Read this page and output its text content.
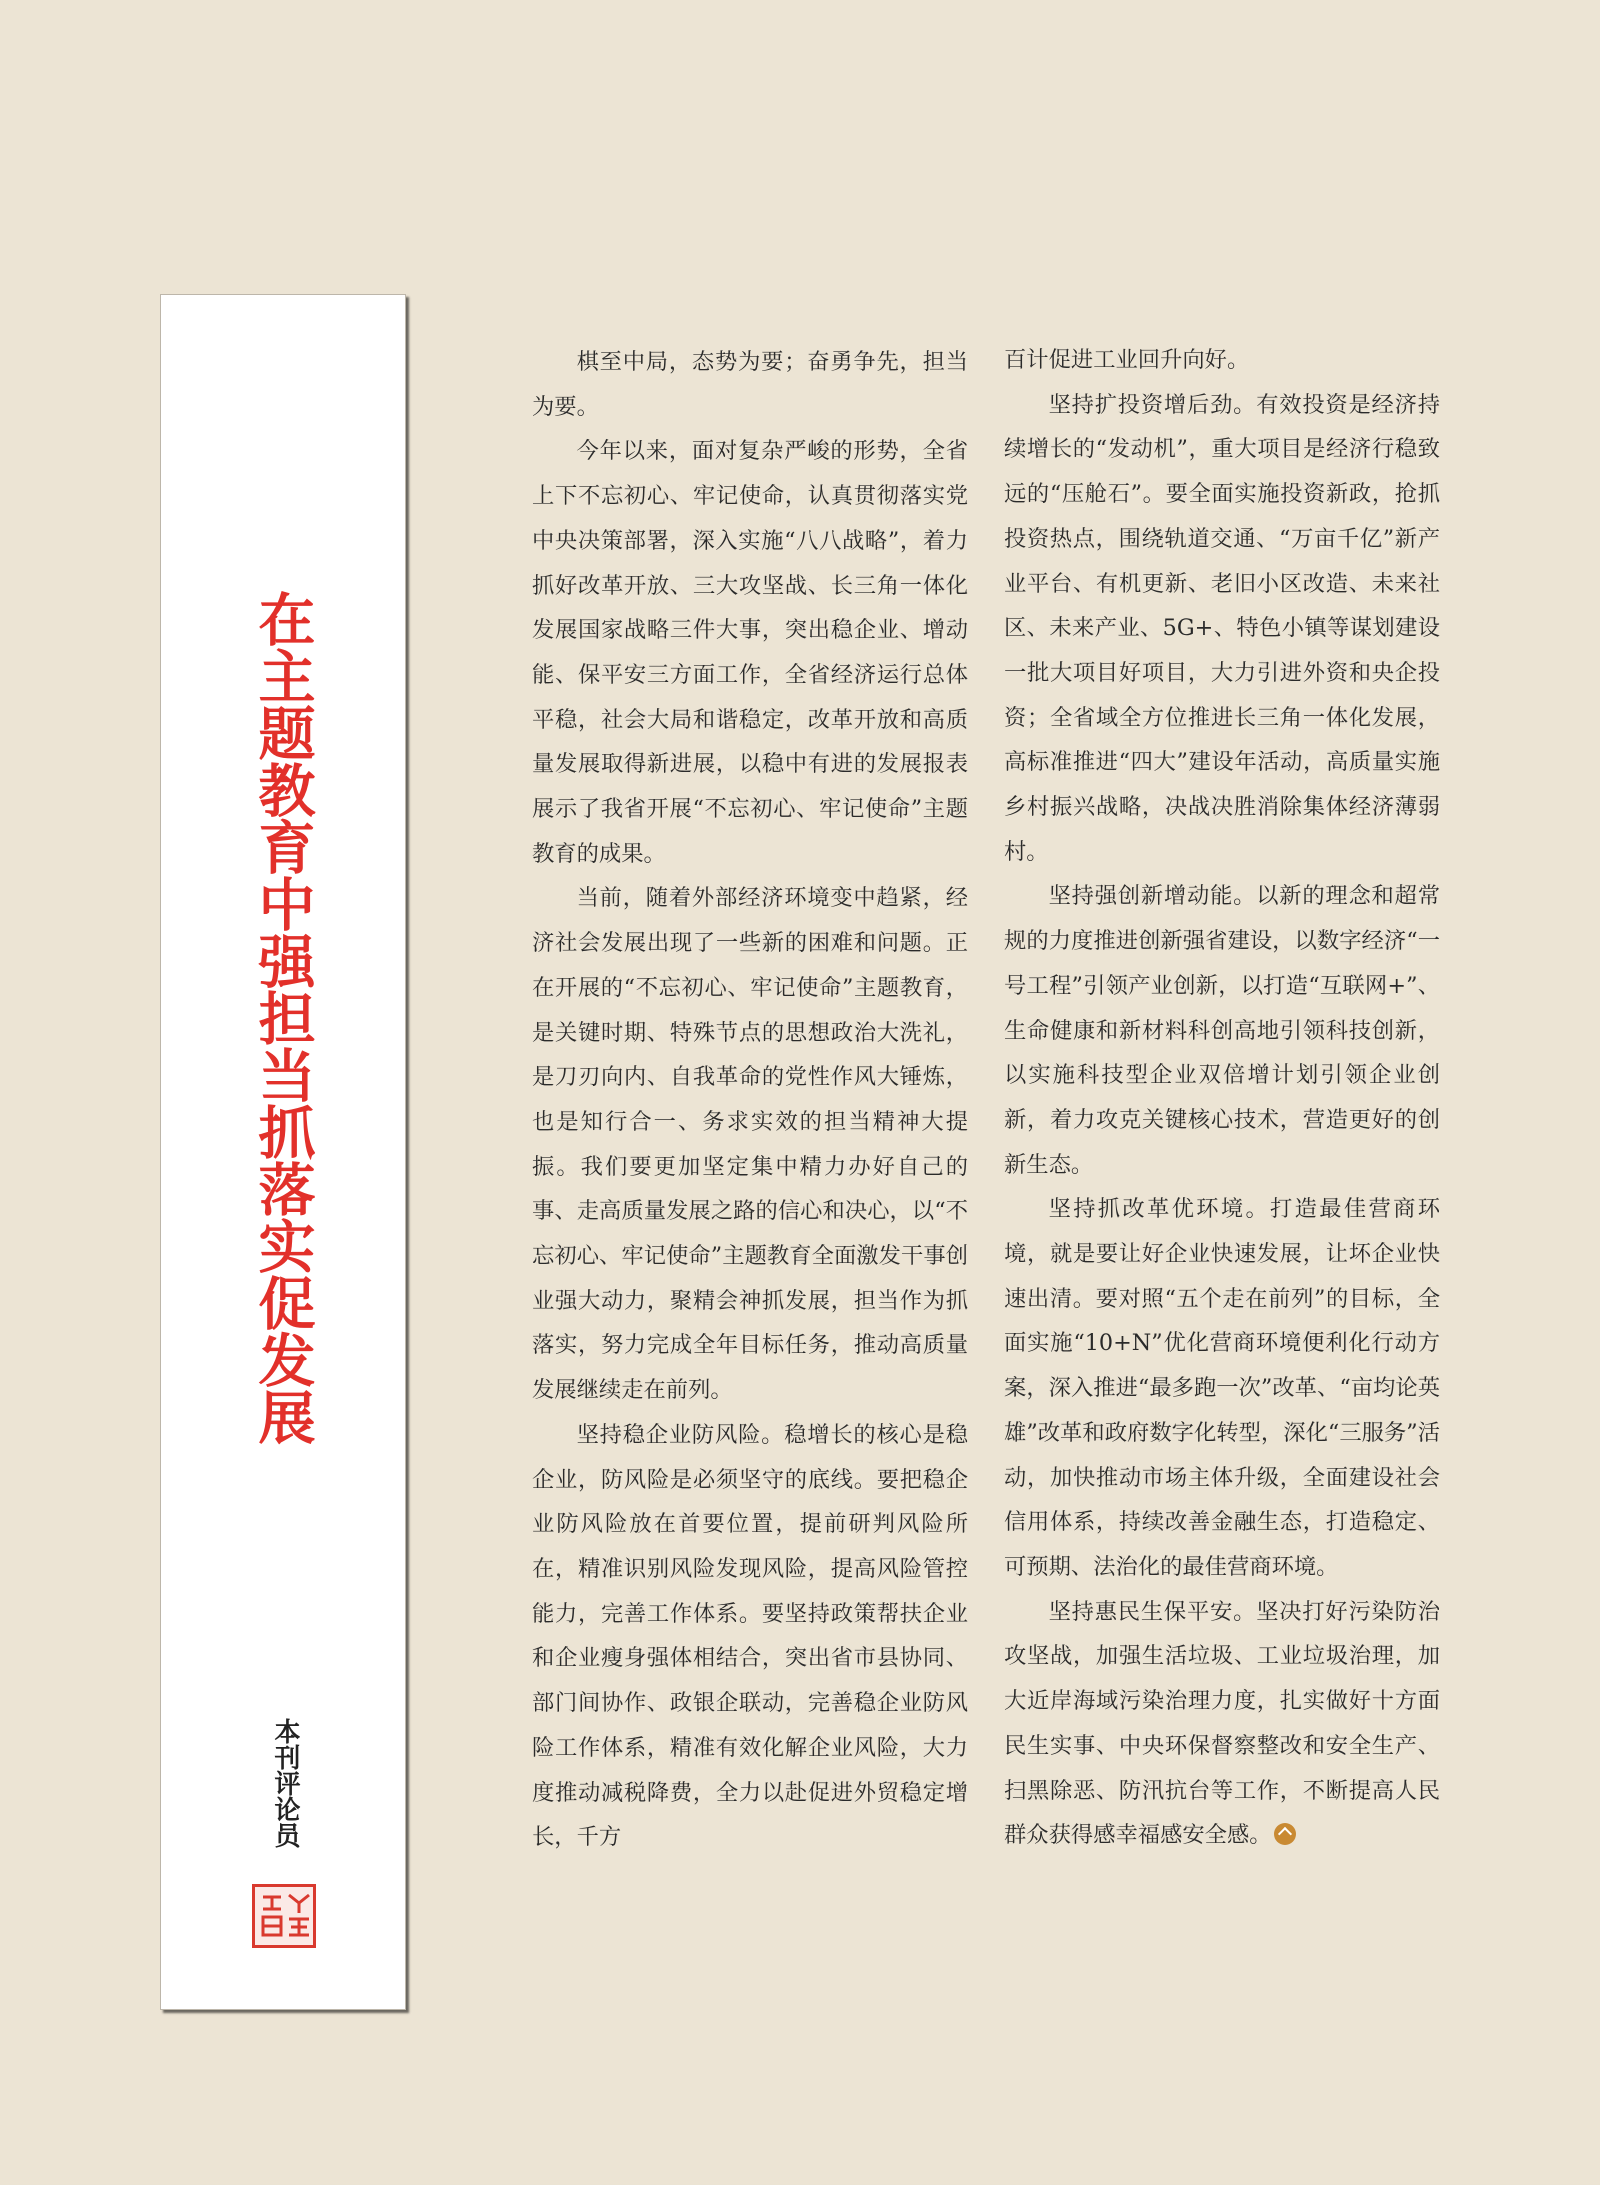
在主题教育中强担当抓落实促发展
本刊评论员

棋至中局，态势为要；奋勇争先，担当为要。

今年以来，面对复杂严峻的形势，全省上下不忘初心、牢记使命，认真贯彻落实党中央决策部署，深入实施“八八战略”，着力抓好改革开放、三大攻坚战、长三角一体化发展国家战略三件大事，突出稳企业、增动能、保平安三方面工作，全省经济运行总体平稳，社会大局和谐稳定，改革开放和高质量发展取得新进展，以稳中有进的发展报表展示了我省开展“不忘初心、牢记使命”主题教育的成果。

当前，随着外部经济环境变中趋紧，经济社会发展出现了一些新的困难和问题。正在开展的“不忘初心、牢记使命”主题教育，是关键时期、特殊节点的思想政治大洗礼，是刀刃向内、自我革命的党性作风大锤炼，也是知行合一、务求实效的担当精神大提振。我们要更加坚定集中精力办好自己的事、走高质量发展之路的信心和决心，以“不忘初心、牢记使命”主题教育全面激发干事创业强大动力，聚精会神抓发展，担当作为抓落实，努力完成全年目标任务，推动高质量发展继续走在前列。

坚持稳企业防风险。稳增长的核心是稳企业，防风险是必须坚守的底线。要把稳企业防风险放在首要位置，提前研判风险所在，精准识别风险发现风险，提高风险管控能力，完善工作体系。要坚持政策帮扶企业和企业瘦身强体相结合，突出省市县协同、部门间协作、政银企联动，完善稳企业防风险工作体系，精准有效化解企业风险，大力度推动减税降费，全力以赴促进外贸稳定增长，千方

百计促进工业回升向好。

坚持扩投资增后劲。有效投资是经济持续增长的“发动机”，重大项目是经济行稳致远的“压舱石”。要全面实施投资新政，抢抓投资热点，围绕轨道交通、“万亩千亿”新产业平台、有机更新、老旧小区改造、未来社区、未来产业、5G+、特色小镇等谋划建设一批大项目好项目，大力引进外资和央企投资；全省域全方位推进长三角一体化发展，高标准推进“四大”建设年活动，高质量实施乡村振兴战略，决战决胜消除集体经济薄弱村。

坚持强创新增动能。以新的理念和超常规的力度推进创新强省建设，以数字经济“一号工程”引领产业创新，以打造“互联网+”、生命健康和新材料科创高地引领科技创新，以实施科技型企业双倍增计划引领企业创新，着力攻克关键核心技术，营造更好的创新生态。

坚持抓改革优环境。打造最佳营商环境，就是要让好企业快速发展，让坏企业快速出清。要对照“五个走在前列”的目标，全面实施“10+N”优化营商环境便利化行动方案，深入推进“最多跑一次”改革、“亩均论英雄”改革和政府数字化转型，深化“三服务”活动，加快推动市场主体升级，全面建设社会信用体系，持续改善金融生态，打造稳定、可预期、法治化的最佳营商环境。

坚持惠民生保平安。坚决打好污染防治攻坚战，加强生活垃圾、工业垃圾治理，加大近岸海域污染治理力度，扎实做好十方面民生实事、中央环保督察整改和安全生产、扫黑除恶、防汛抗台等工作，不断提高人民群众获得感幸福感安全感。
